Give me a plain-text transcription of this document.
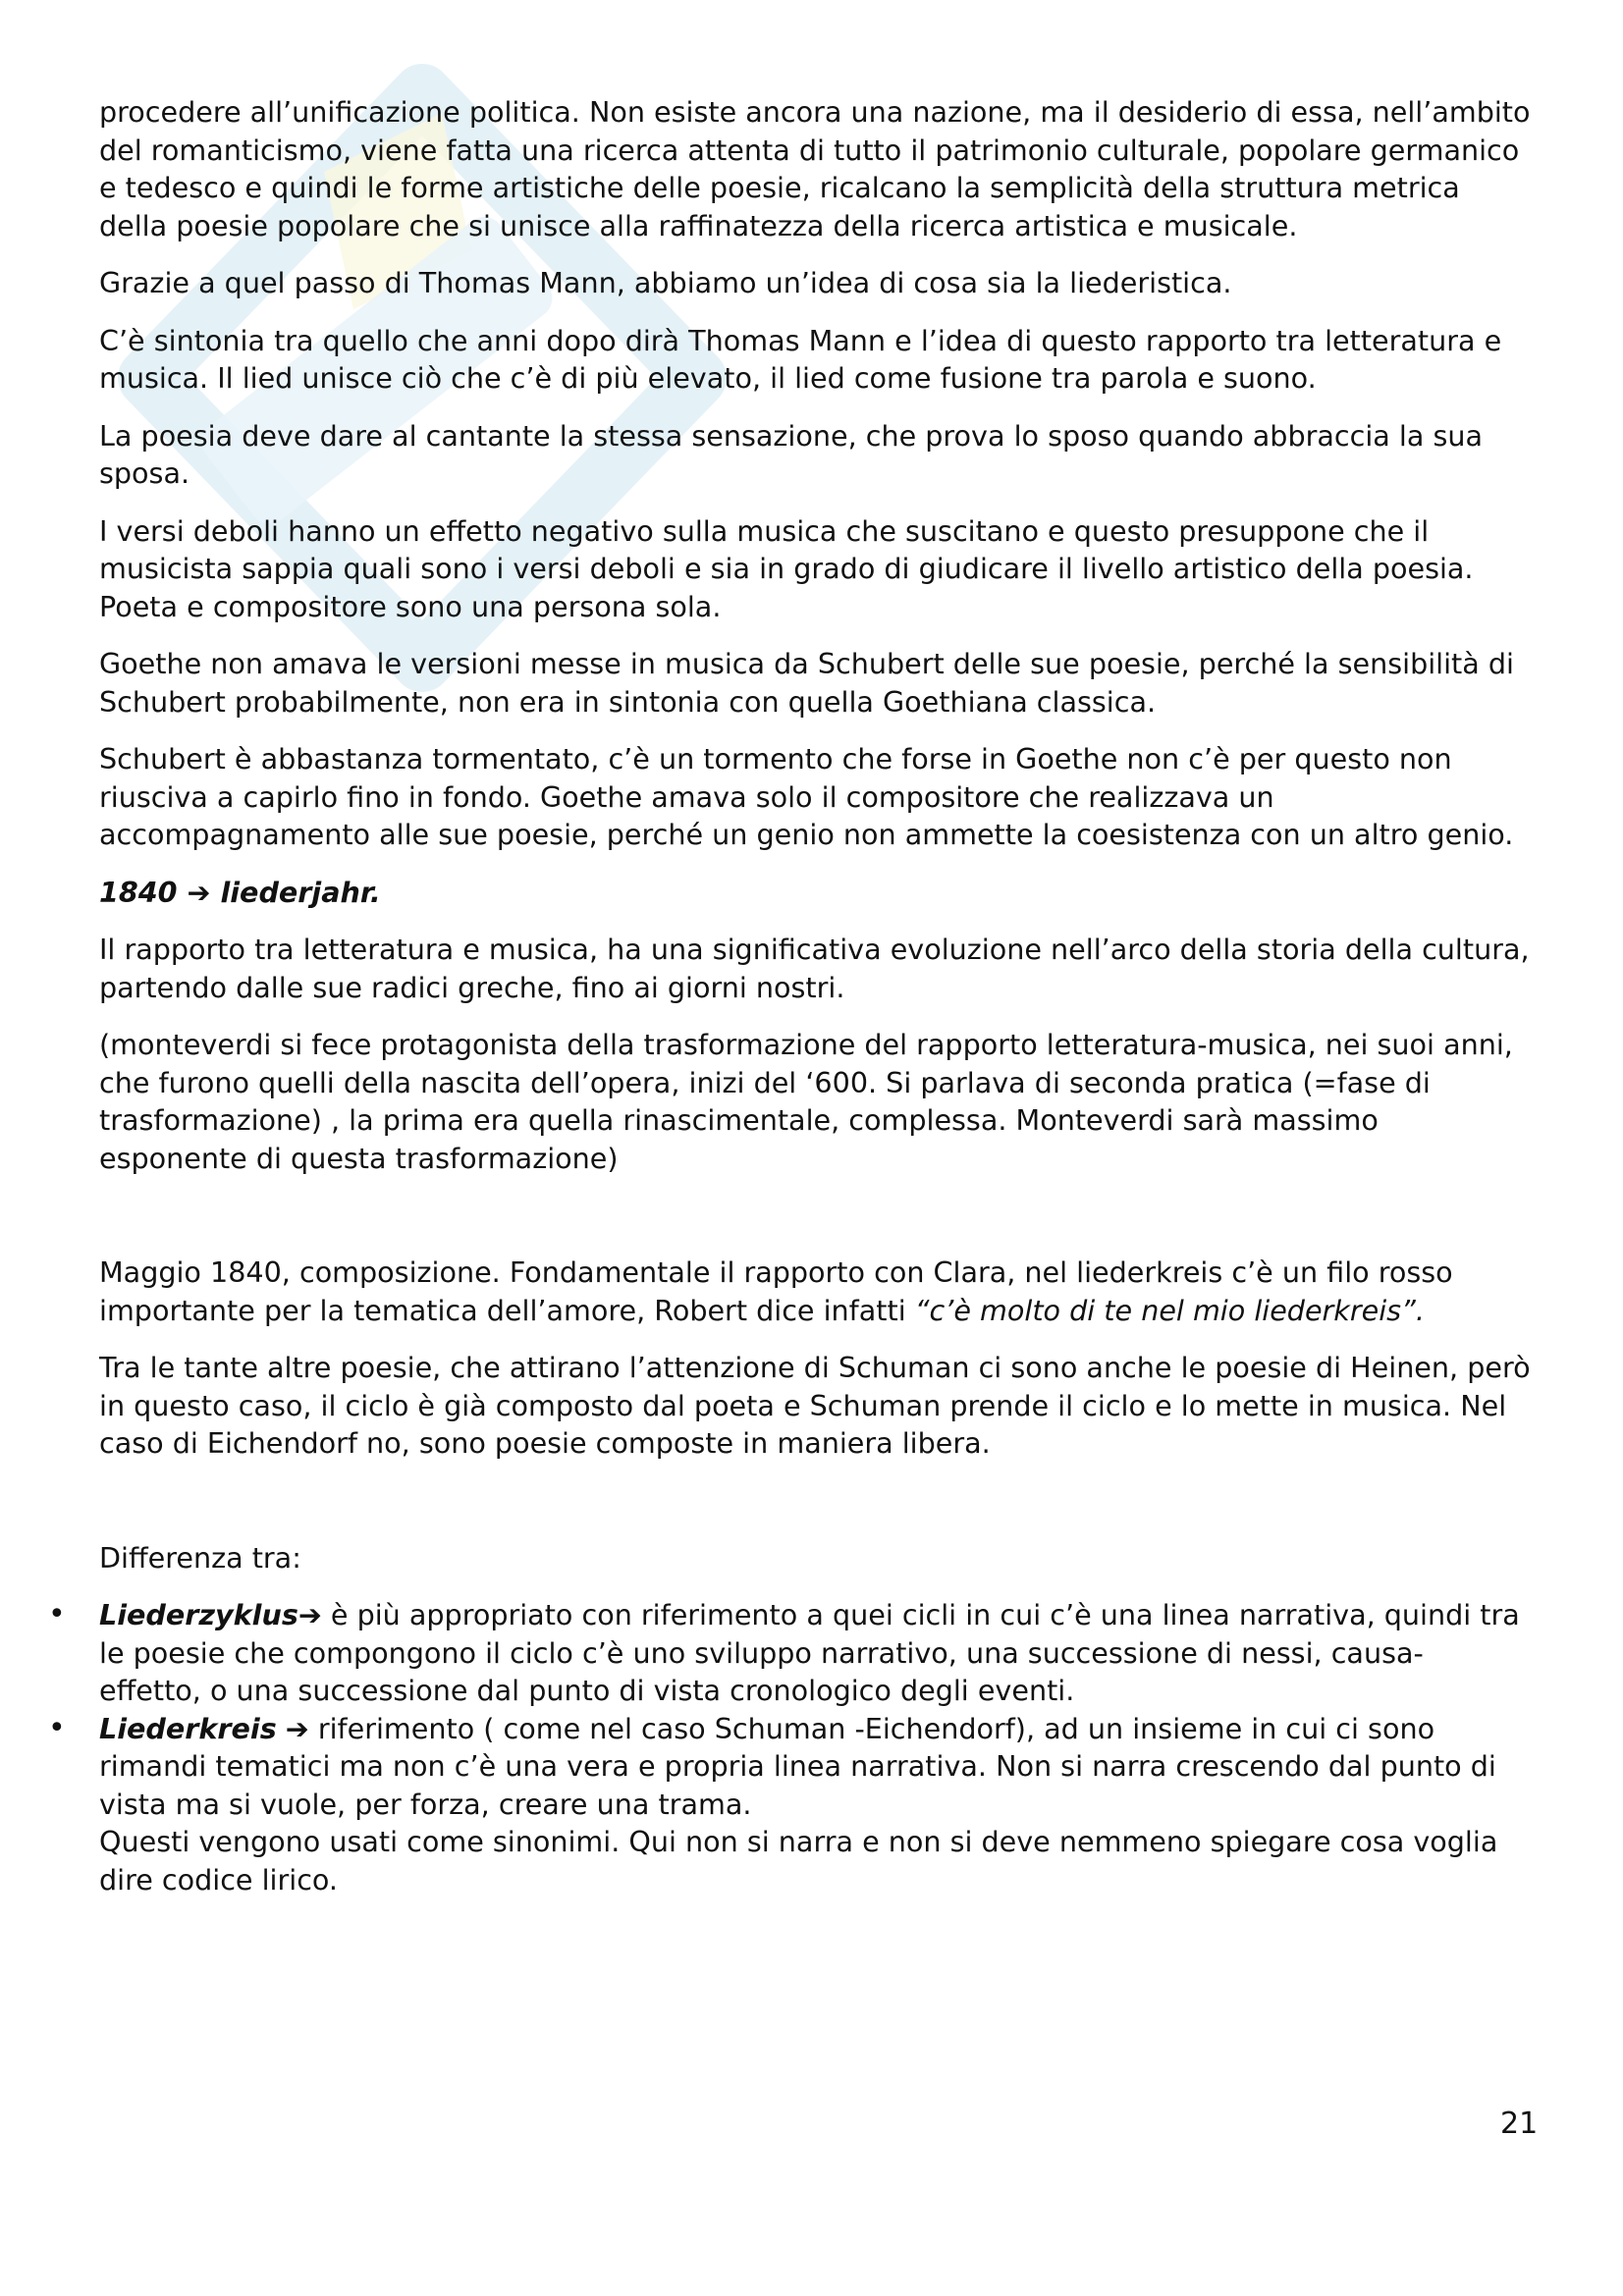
procedere all’unificazione politica. Non esiste ancora una nazione, ma il desiderio di essa, nell’ambito del romanticismo, viene fatta una ricerca attenta di tutto il patrimonio culturale, popolare germanico e tedesco e quindi le forme artistiche delle poesie, ricalcano la semplicità della struttura metrica della poesie popolare che si unisce alla raffinatezza della ricerca artistica e musicale.

Grazie a quel passo di Thomas Mann, abbiamo un’idea di cosa sia la liederistica.

C’è sintonia tra quello che anni dopo dirà Thomas Mann e l’idea di questo rapporto tra letteratura e musica. Il lied unisce ciò che c’è di più elevato, il lied come fusione tra parola e suono.

La poesia deve dare al cantante la stessa sensazione, che prova lo sposo quando abbraccia la sua sposa.

I versi deboli hanno un effetto negativo sulla musica che suscitano e questo presuppone che il musicista sappia quali sono i versi deboli e sia in grado di giudicare il livello artistico della poesia. Poeta e compositore sono una persona sola.

Goethe non amava le versioni messe in musica da Schubert delle sue poesie, perché la sensibilità di Schubert probabilmente, non era in sintonia con quella Goethiana classica.

Schubert è abbastanza tormentato, c’è un tormento che forse in Goethe non c’è per questo non riusciva a capirlo fino in fondo. Goethe amava solo il compositore che realizzava un accompagnamento alle sue poesie, perché un genio non ammette la coesistenza con un altro genio.

1840 ➔ liederjahr.

Il rapporto tra letteratura e musica, ha una significativa evoluzione nell’arco della storia della cultura, partendo dalle sue radici greche, fino ai giorni nostri.

(monteverdi si fece protagonista della trasformazione del rapporto letteratura-musica, nei suoi anni, che furono quelli della nascita dell’opera, inizi del ‘600. Si parlava di seconda pratica (=fase di trasformazione) , la prima era quella rinascimentale, complessa. Monteverdi sarà massimo esponente di questa trasformazione)

Maggio 1840, composizione. Fondamentale il rapporto con Clara, nel liederkreis c’è un filo rosso importante per la tematica dell’amore, Robert dice infatti “c’è molto di te nel mio liederkreis”.

Tra le tante altre poesie, che attirano l’attenzione di Schuman ci sono anche le poesie di Heinen, però in questo caso, il ciclo è già composto dal poeta e Schuman prende il ciclo e lo mette in musica. Nel caso di Eichendorf no, sono poesie composte in maniera libera.

Differenza tra:

• Liederzyklus➔ è più appropriato con riferimento a quei cicli in cui c’è una linea narrativa, quindi tra le poesie che compongono il ciclo c’è uno sviluppo narrativo, una successione di nessi, causa- effetto, o una successione dal punto di vista cronologico degli eventi.
• Liederkreis ➔ riferimento ( come nel caso Schuman -Eichendorf), ad un insieme in cui ci sono rimandi tematici ma non c’è una vera e propria linea narrativa. Non si narra crescendo dal punto di vista ma si vuole, per forza, creare una trama.
Questi vengono usati come sinonimi. Qui non si narra e non si deve nemmeno spiegare cosa voglia dire codice lirico.
21
